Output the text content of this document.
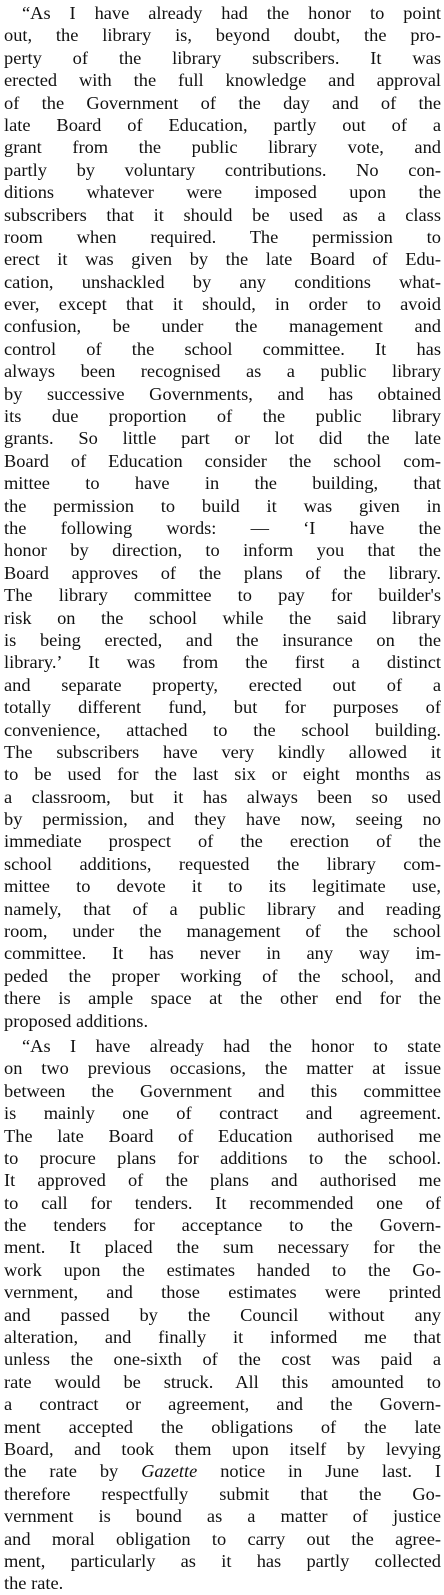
“As I have already had the honor to point
out, the library is, beyond doubt, the pro-
perty of the library subscribers. It was
erected with the full knowledge and approval
of the Government of the day and of the
late Board of Education, partly out of a
grant from the public library vote, and
partly by voluntary contributions. No con-
ditions whatever were imposed upon the
subscribers that it should be used as a class
room when required. The permission to
erect it was given by the late Board of Edu-
cation, unshackled by any conditions what-
ever, except that it should, in order to avoid
confusion, be under the management and
control of the school committee. It has
always been recognised as a public library
by successive Governments, and has obtained
its due proportion of the public library
grants. So little part or lot did the late
Board of Education consider the school com-
mittee to have in the building, that
the permission to build it was given in
the following words: — ‘I have the
honor by direction, to inform you that the
Board approves of the plans of the library.
The library committee to pay for builder's
risk on the school while the said library
is being erected, and the insurance on the
library.’ It was from the first a distinct
and separate property, erected out of a
totally different fund, but for purposes of
convenience, attached to the school building.
The subscribers have very kindly allowed it
to be used for the last six or eight months as
a classroom, but it has always been so used
by permission, and they have now, seeing no
immediate prospect of the erection of the
school additions, requested the library com-
mittee to devote it to its legitimate use,
namely, that of a public library and reading
room, under the management of the school
committee. It has never in any way im-
peded the proper working of the school, and
there is ample space at the other end for the
proposed additions.
“As I have already had the honor to state
on two previous occasions, the matter at issue
between the Government and this committee
is mainly one of contract and agreement.
The late Board of Education authorised me
to procure plans for additions to the school.
It approved of the plans and authorised me
to call for tenders. It recommended one of
the tenders for acceptance to the Govern-
ment. It placed the sum necessary for the
work upon the estimates handed to the Go-
vernment, and those estimates were printed
and passed by the Council without any
alteration, and finally it informed me that
unless the one-sixth of the cost was paid a
rate would be struck. All this amounted to
a contract or agreement, and the Govern-
ment accepted the obligations of the late
Board, and took them upon itself by levying
the rate by Gazette notice in June last. I
therefore respectfully submit that the Go-
vernment is bound as a matter of justice
and moral obligation to carry out the agree-
ment, particularly as it has partly collected
the rate.
